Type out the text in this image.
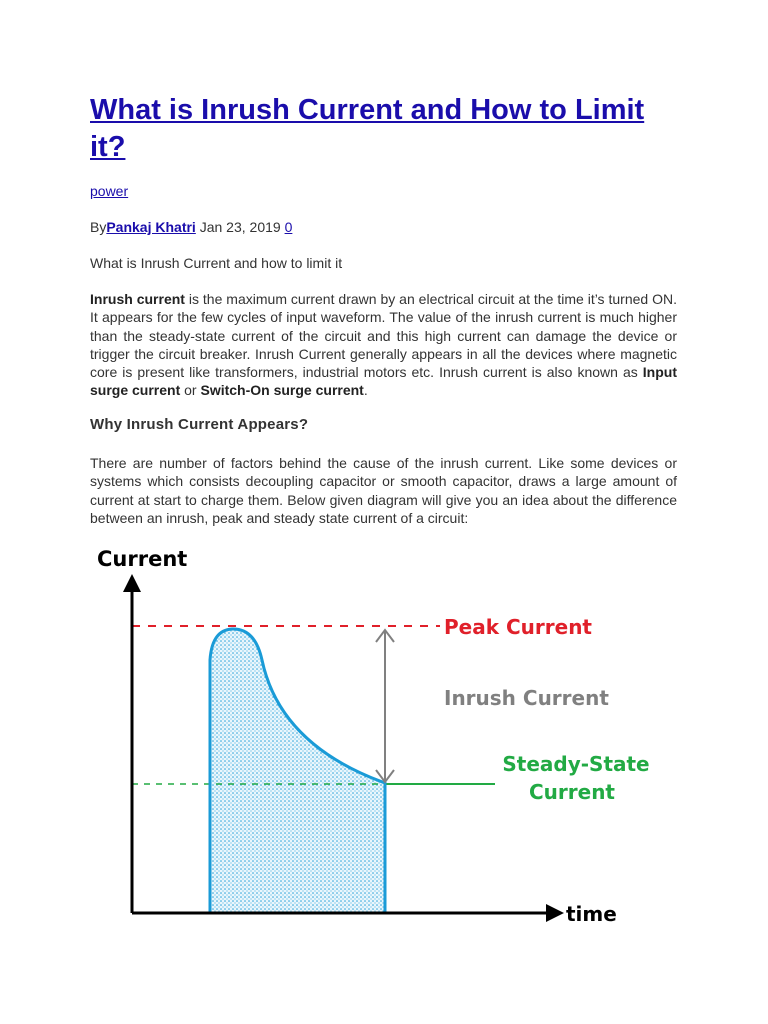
What is Inrush Current and How to Limit it?
power
ByPankaj Khatri Jan 23, 2019 0
What is Inrush Current and how to limit it

Inrush current is the maximum current drawn by an electrical circuit at the time it’s turned ON. It appears for the few cycles of input waveform. The value of the inrush current is much higher than the steady-state current of the circuit and this high current can damage the device or trigger the circuit breaker. Inrush Current generally appears in all the devices where magnetic core is present like transformers, industrial motors etc. Inrush current is also known as Input surge current or Switch-On surge current.

Why Inrush Current Appears?

There are number of factors behind the cause of the inrush current. Like some devices or systems which consists decoupling capacitor or smooth capacitor, draws a large amount of current at start to charge them. Below given diagram will give you an idea about the difference between an inrush, peak and steady state current of a circuit:

Current
time
Peak Current
Inrush Current
Steady-State
Current
